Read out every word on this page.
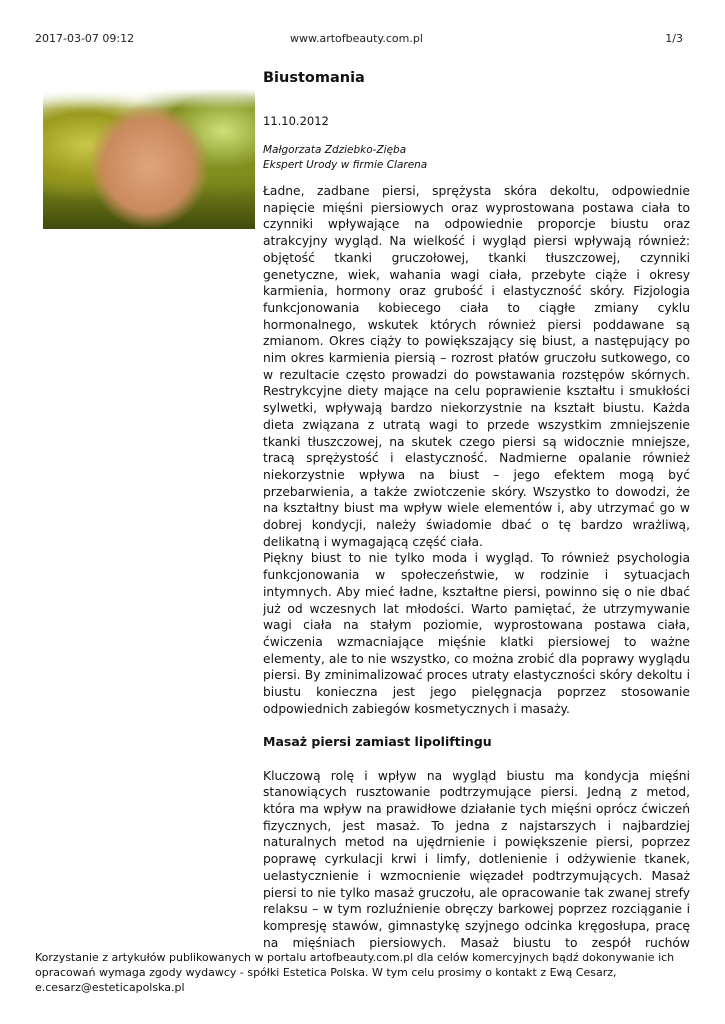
2017-03-07 09:12	www.artofbeauty.com.pl	1/3
Biustomania
11.10.2012
Małgorzata Zdziebko-Zięba
Ekspert Urody w firmie Clarena

Ładne, zadbane piersi, sprężysta skóra dekoltu, odpowiednie napięcie mięśni piersiowych oraz wyprostowana postawa ciała to czynniki wpływające na odpowiednie proporcje biustu oraz atrakcyjny wygląd. Na wielkość i wygląd piersi wpływają również: objętość tkanki gruczołowej, tkanki tłuszczowej, czynniki genetyczne, wiek, wahania wagi ciała, przebyte ciąże i okresy karmienia, hormony oraz grubość i elastyczność skóry. Fizjologia funkcjonowania kobiecego ciała to ciągłe zmiany cyklu hormonalnego, wskutek których również piersi poddawane są zmianom. Okres ciąży to powiększający się biust, a następujący po nim okres karmienia piersią – rozrost płatów gruczołu sutkowego, co w rezultacie często prowadzi do powstawania rozstępów skórnych. Restrykcyjne diety mające na celu poprawienie kształtu i smukłości sylwetki, wpływają bardzo niekorzystnie na kształt biustu. Każda dieta związana z utratą wagi to przede wszystkim zmniejszenie tkanki tłuszczowej, na skutek czego piersi są widocznie mniejsze, tracą sprężystość i elastyczność. Nadmierne opalanie również niekorzystnie wpływa na biust – jego efektem mogą być przebarwienia, a także zwiotczenie skóry. Wszystko to dowodzi, że na kształtny biust ma wpływ wiele elementów i, aby utrzymać go w dobrej kondycji, należy świadomie dbać o tę bardzo wrażliwą, delikatną i wymagającą część ciała.

Piękny biust to nie tylko moda i wygląd. To również psychologia funkcjonowania w społeczeństwie, w rodzinie i sytuacjach intymnych. Aby mieć ładne, kształtne piersi, powinno się o nie dbać już od wczesnych lat młodości. Warto pamiętać, że utrzymywanie wagi ciała na stałym poziomie, wyprostowana postawa ciała, ćwiczenia wzmacniające mięśnie klatki piersiowej to ważne elementy, ale to nie wszystko, co można zrobić dla poprawy wyglądu piersi. By zminimalizować proces utraty elastyczności skóry dekoltu i biustu konieczna jest jego pielęgnacja poprzez stosowanie odpowiednich zabiegów kosmetycznych i masaży.

Masaż piersi zamiast lipoliftingu

Kluczową rolę i wpływ na wygląd biustu ma kondycja mięśni stanowiących rusztowanie podtrzymujące piersi. Jedną z metod, która ma wpływ na prawidłowe działanie tych mięśni oprócz ćwiczeń fizycznych, jest masaż. To jedna z najstarszych i najbardziej naturalnych metod na ujędrnienie i powiększenie piersi, poprzez poprawę cyrkulacji krwi i limfy, dotlenienie i odżywienie tkanek, uelastycznienie i wzmocnienie więzadeł podtrzymujących. Masaż piersi to nie tylko masaż gruczołu, ale opracowanie tak zwanej strefy relaksu – w tym rozluźnienie obręczy barkowej poprzez rozciąganie i kompresję stawów, gimnastykę szyjnego odcinka kręgosłupa, pracę na mięśniach piersiowych. Masaż biustu to zespół ruchów

Korzystanie z artykułów publikowanych w portalu artofbeauty.com.pl dla celów komercyjnych bądź dokonywanie ich opracowań wymaga zgody wydawcy - spółki Estetica Polska. W tym celu prosimy o kontakt z Ewą Cesarz, e.cesarz@esteticapolska.pl
